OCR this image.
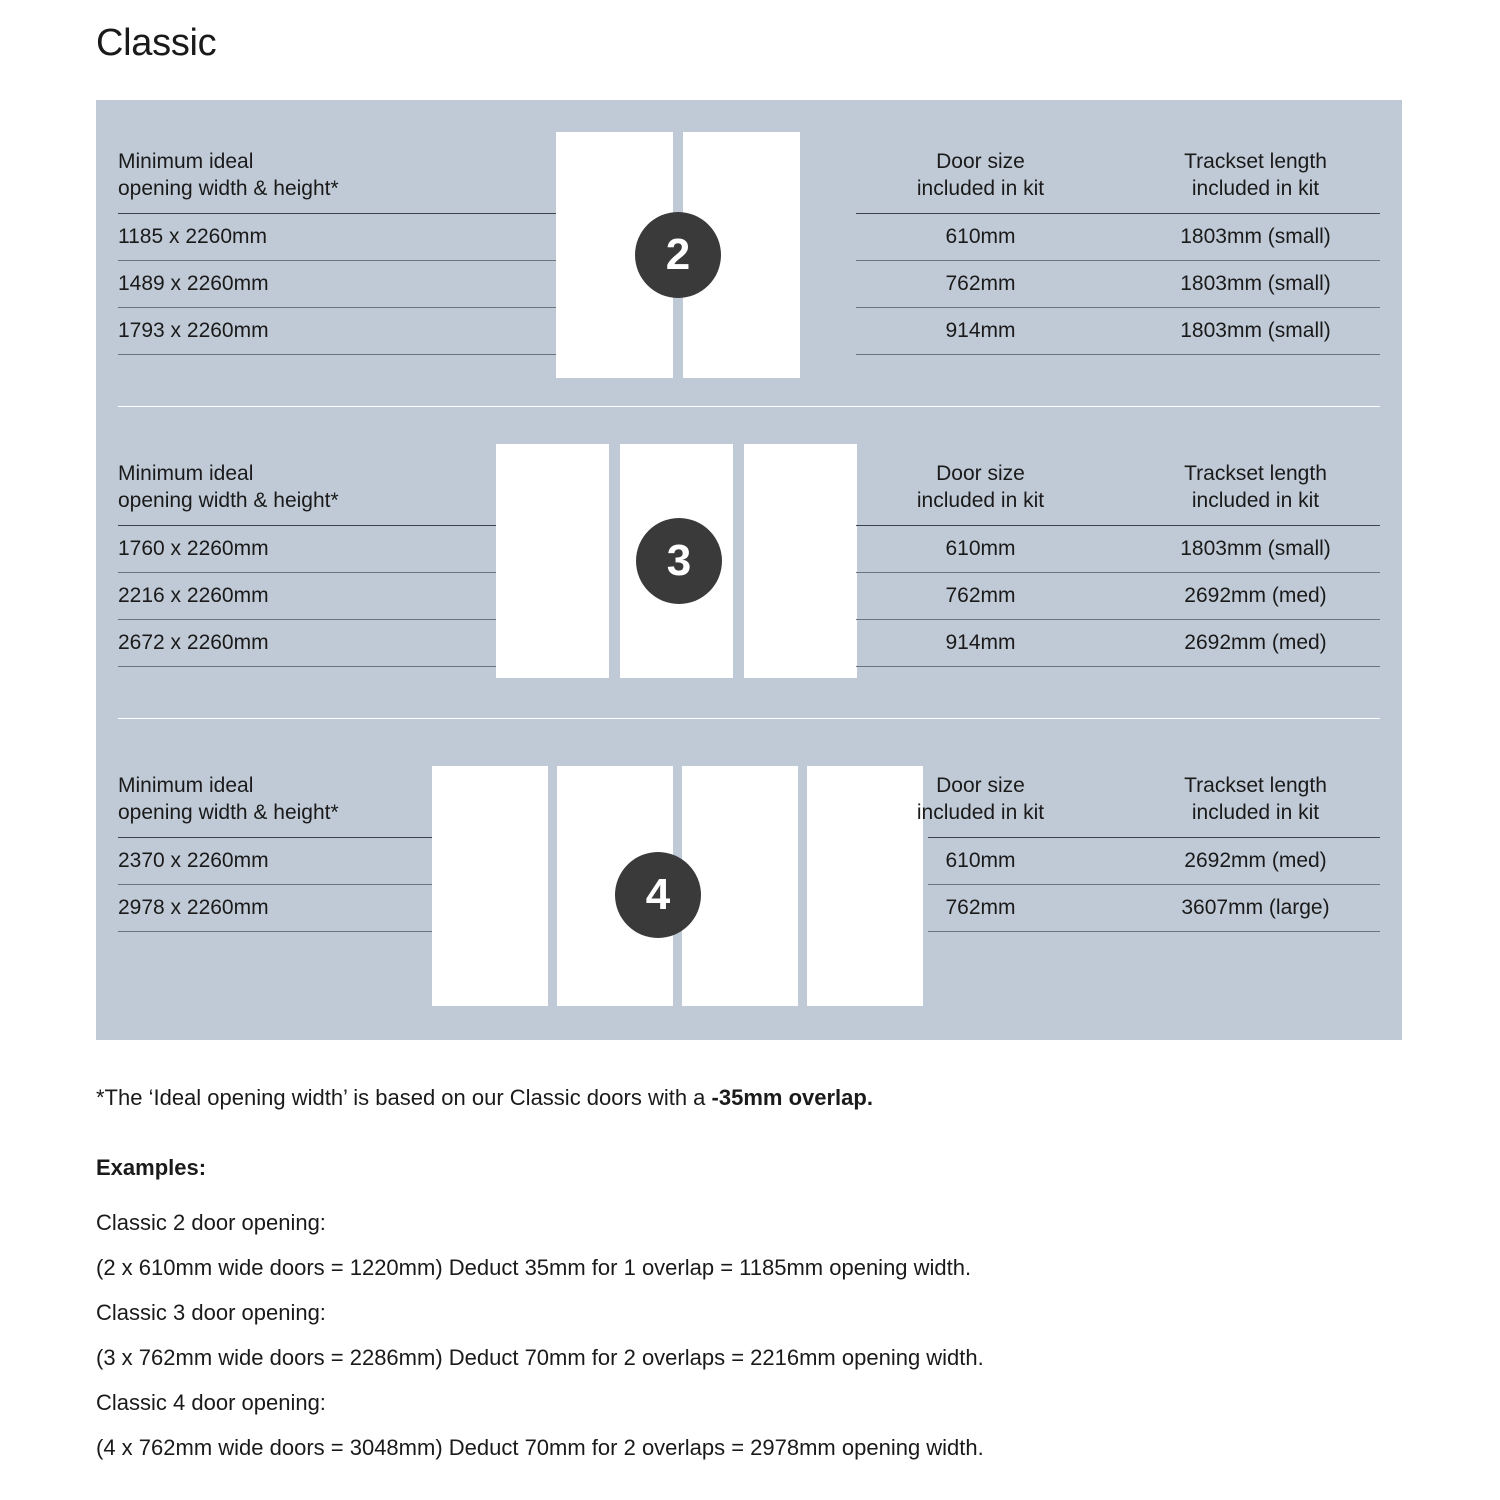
Classic
Minimum ideal
opening width & height*
1185 x 2260mm
1489 x 2260mm
1793 x 2260mm
2
Door size
included in kit
Trackset length
included in kit
610mm	1803mm (small)
762mm	1803mm (small)
914mm	1803mm (small)
Minimum ideal
opening width & height*
1760 x 2260mm
2216 x 2260mm
2672 x 2260mm
3
Door size
included in kit
Trackset length
included in kit
610mm	1803mm (small)
762mm	2692mm (med)
914mm	2692mm (med)
Minimum ideal
opening width & height*
2370 x 2260mm
2978 x 2260mm	4
Door size
included in kit
Trackset length
included in kit
610mm	2692mm (med)
762mm	3607mm (large)
*The ‘Ideal opening width’ is based on our Classic doors with a -35mm overlap.
Examples:
Classic 2 door opening:
(2 x 610mm wide doors = 1220mm) Deduct 35mm for 1 overlap = 1185mm opening width.
Classic 3 door opening:
(3 x 762mm wide doors = 2286mm) Deduct 70mm for 2 overlaps = 2216mm opening width.
Classic 4 door opening:
(4 x 762mm wide doors = 3048mm) Deduct 70mm for 2 overlaps = 2978mm opening width.
